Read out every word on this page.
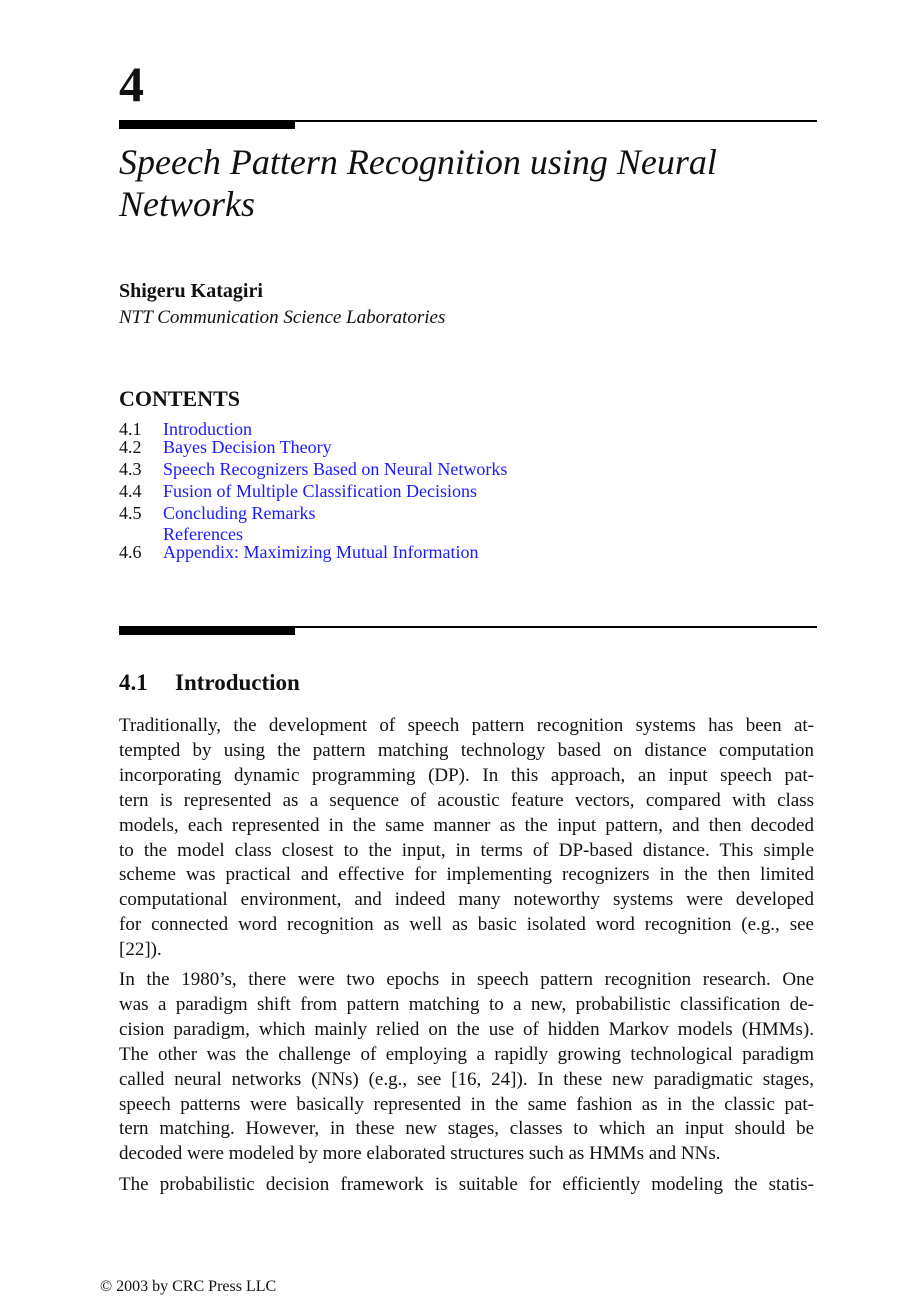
4
Speech Pattern Recognition using Neural Networks
Shigeru Katagiri
NTT Communication Science Laboratories
CONTENTS
4.1 Introduction
4.2 Bayes Decision Theory
4.3 Speech Recognizers Based on Neural Networks
4.4 Fusion of Multiple Classification Decisions
4.5 Concluding Remarks
References
4.6 Appendix: Maximizing Mutual Information
4.1 Introduction
Traditionally, the development of speech pattern recognition systems has been at-
tempted by using the pattern matching technology based on distance computation
incorporating dynamic programming (DP). In this approach, an input speech pat-
tern is represented as a sequence of acoustic feature vectors, compared with class
models, each represented in the same manner as the input pattern, and then decoded
to the model class closest to the input, in terms of DP-based distance. This simple
scheme was practical and effective for implementing recognizers in the then limited
computational environment, and indeed many noteworthy systems were developed
for connected word recognition as well as basic isolated word recognition (e.g., see
[22]).
In the 1980’s, there were two epochs in speech pattern recognition research. One
was a paradigm shift from pattern matching to a new, probabilistic classification de-
cision paradigm, which mainly relied on the use of hidden Markov models (HMMs).
The other was the challenge of employing a rapidly growing technological paradigm
called neural networks (NNs) (e.g., see [16, 24]). In these new paradigmatic stages,
speech patterns were basically represented in the same fashion as in the classic pat-
tern matching. However, in these new stages, classes to which an input should be
decoded were modeled by more elaborated structures such as HMMs and NNs.
The probabilistic decision framework is suitable for efficiently modeling the statis-
© 2003 by CRC Press LLC
